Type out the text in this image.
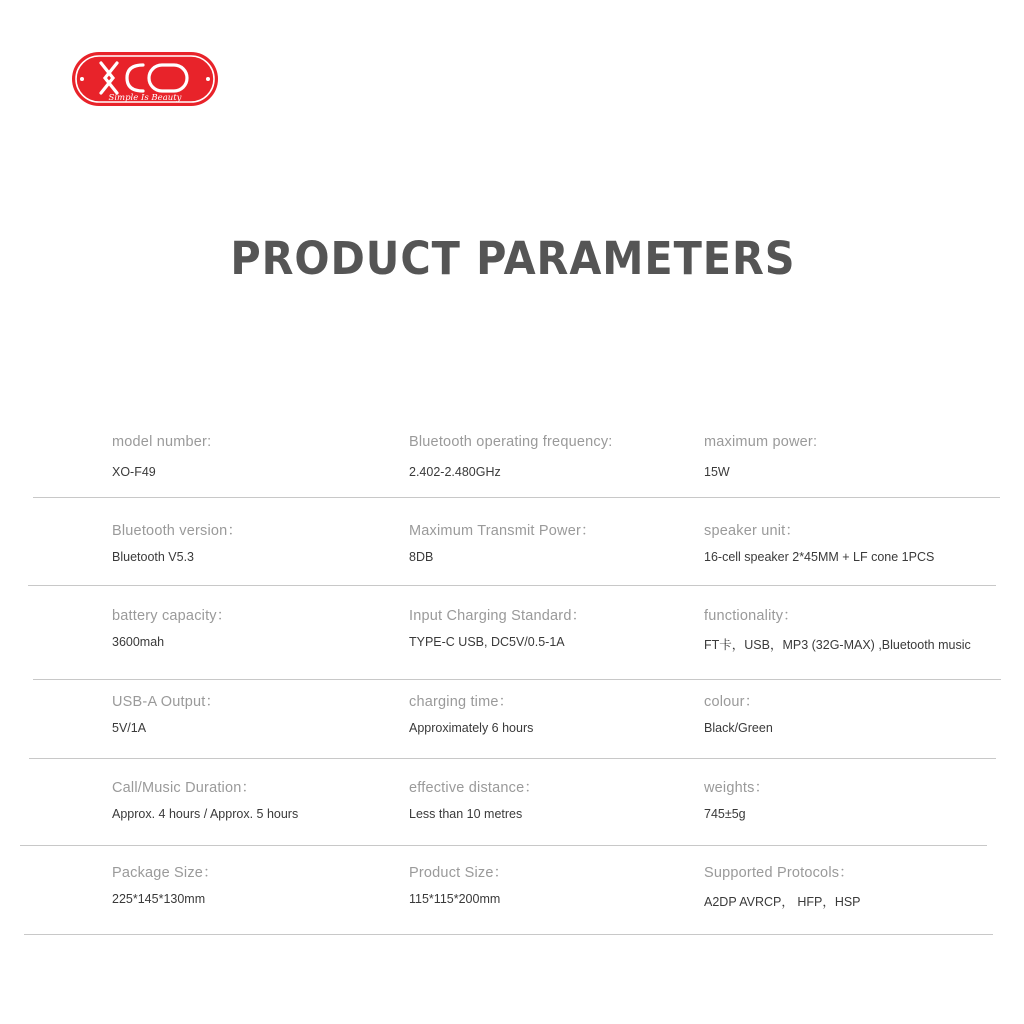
Simple Is Beauty
PRODUCT PARAMETERS
model number:
XO-F49
Bluetooth operating frequency:
2.402-2.480GHz
maximum power:
15W
Bluetooth version：
Bluetooth V5.3
Maximum Transmit Power：
8DB
speaker unit：
16-cell speaker 2*45MM + LF cone 1PCS
battery capacity：
3600mah
Input Charging Standard：
TYPE-C USB, DC5V/0.5-1A
functionality：
FT卡，USB，MP3 (32G-MAX) ,Bluetooth music
USB-A Output：
5V/1A
charging time：
Approximately 6 hours
colour：
Black/Green
Call/Music Duration：
Approx. 4 hours / Approx. 5 hours
effective distance：
Less than 10 metres
weights：
745±5g
Package Size：
225*145*130mm
Product Size：
115*115*200mm
Supported Protocols：
A2DP AVRCP， HFP，HSP
